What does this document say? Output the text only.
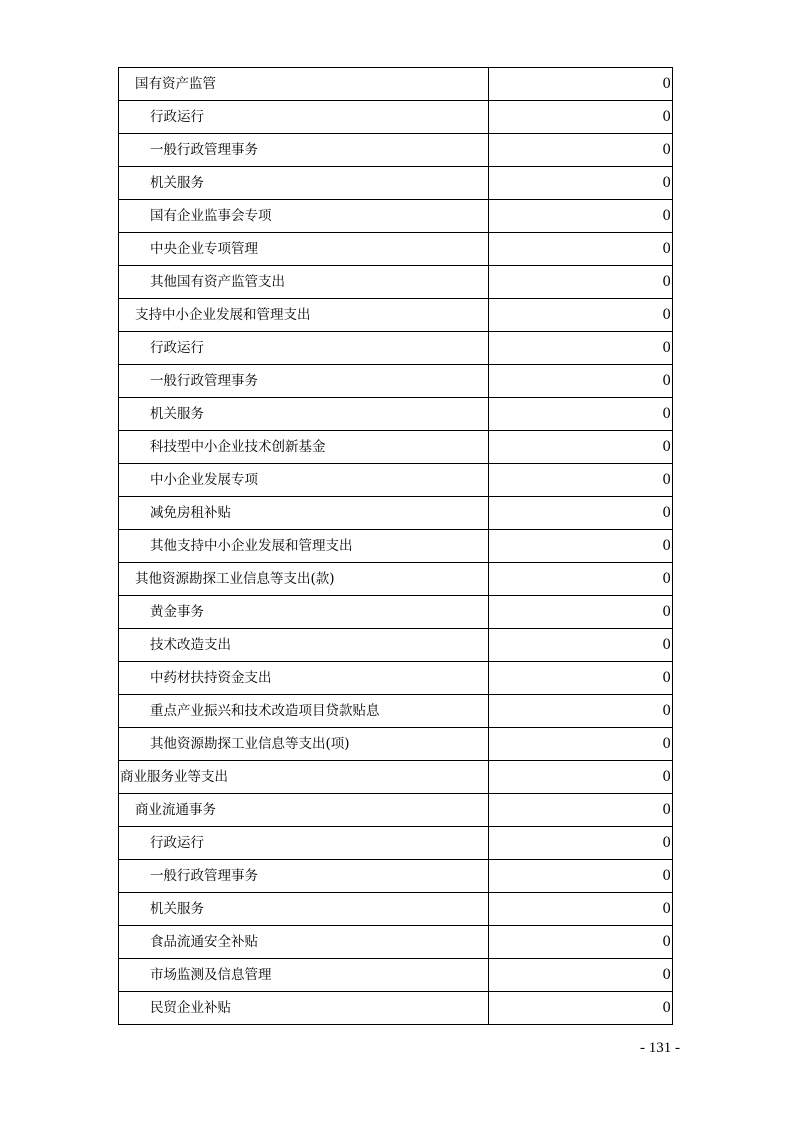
国有资产监管	0
行政运行	0
一般行政管理事务	0
机关服务	0
国有企业监事会专项	0
中央企业专项管理	0
其他国有资产监管支出	0
支持中小企业发展和管理支出	0
行政运行	0
一般行政管理事务	0
机关服务	0
科技型中小企业技术创新基金	0
中小企业发展专项	0
减免房租补贴	0
其他支持中小企业发展和管理支出	0
其他资源勘探工业信息等支出(款)	0
黄金事务	0
技术改造支出	0
中药材扶持资金支出	0
重点产业振兴和技术改造项目贷款贴息	0
其他资源勘探工业信息等支出(项)	0
商业服务业等支出	0
商业流通事务	0
行政运行	0
一般行政管理事务	0
机关服务	0
食品流通安全补贴	0
市场监测及信息管理	0
民贸企业补贴	0
- 131 -
